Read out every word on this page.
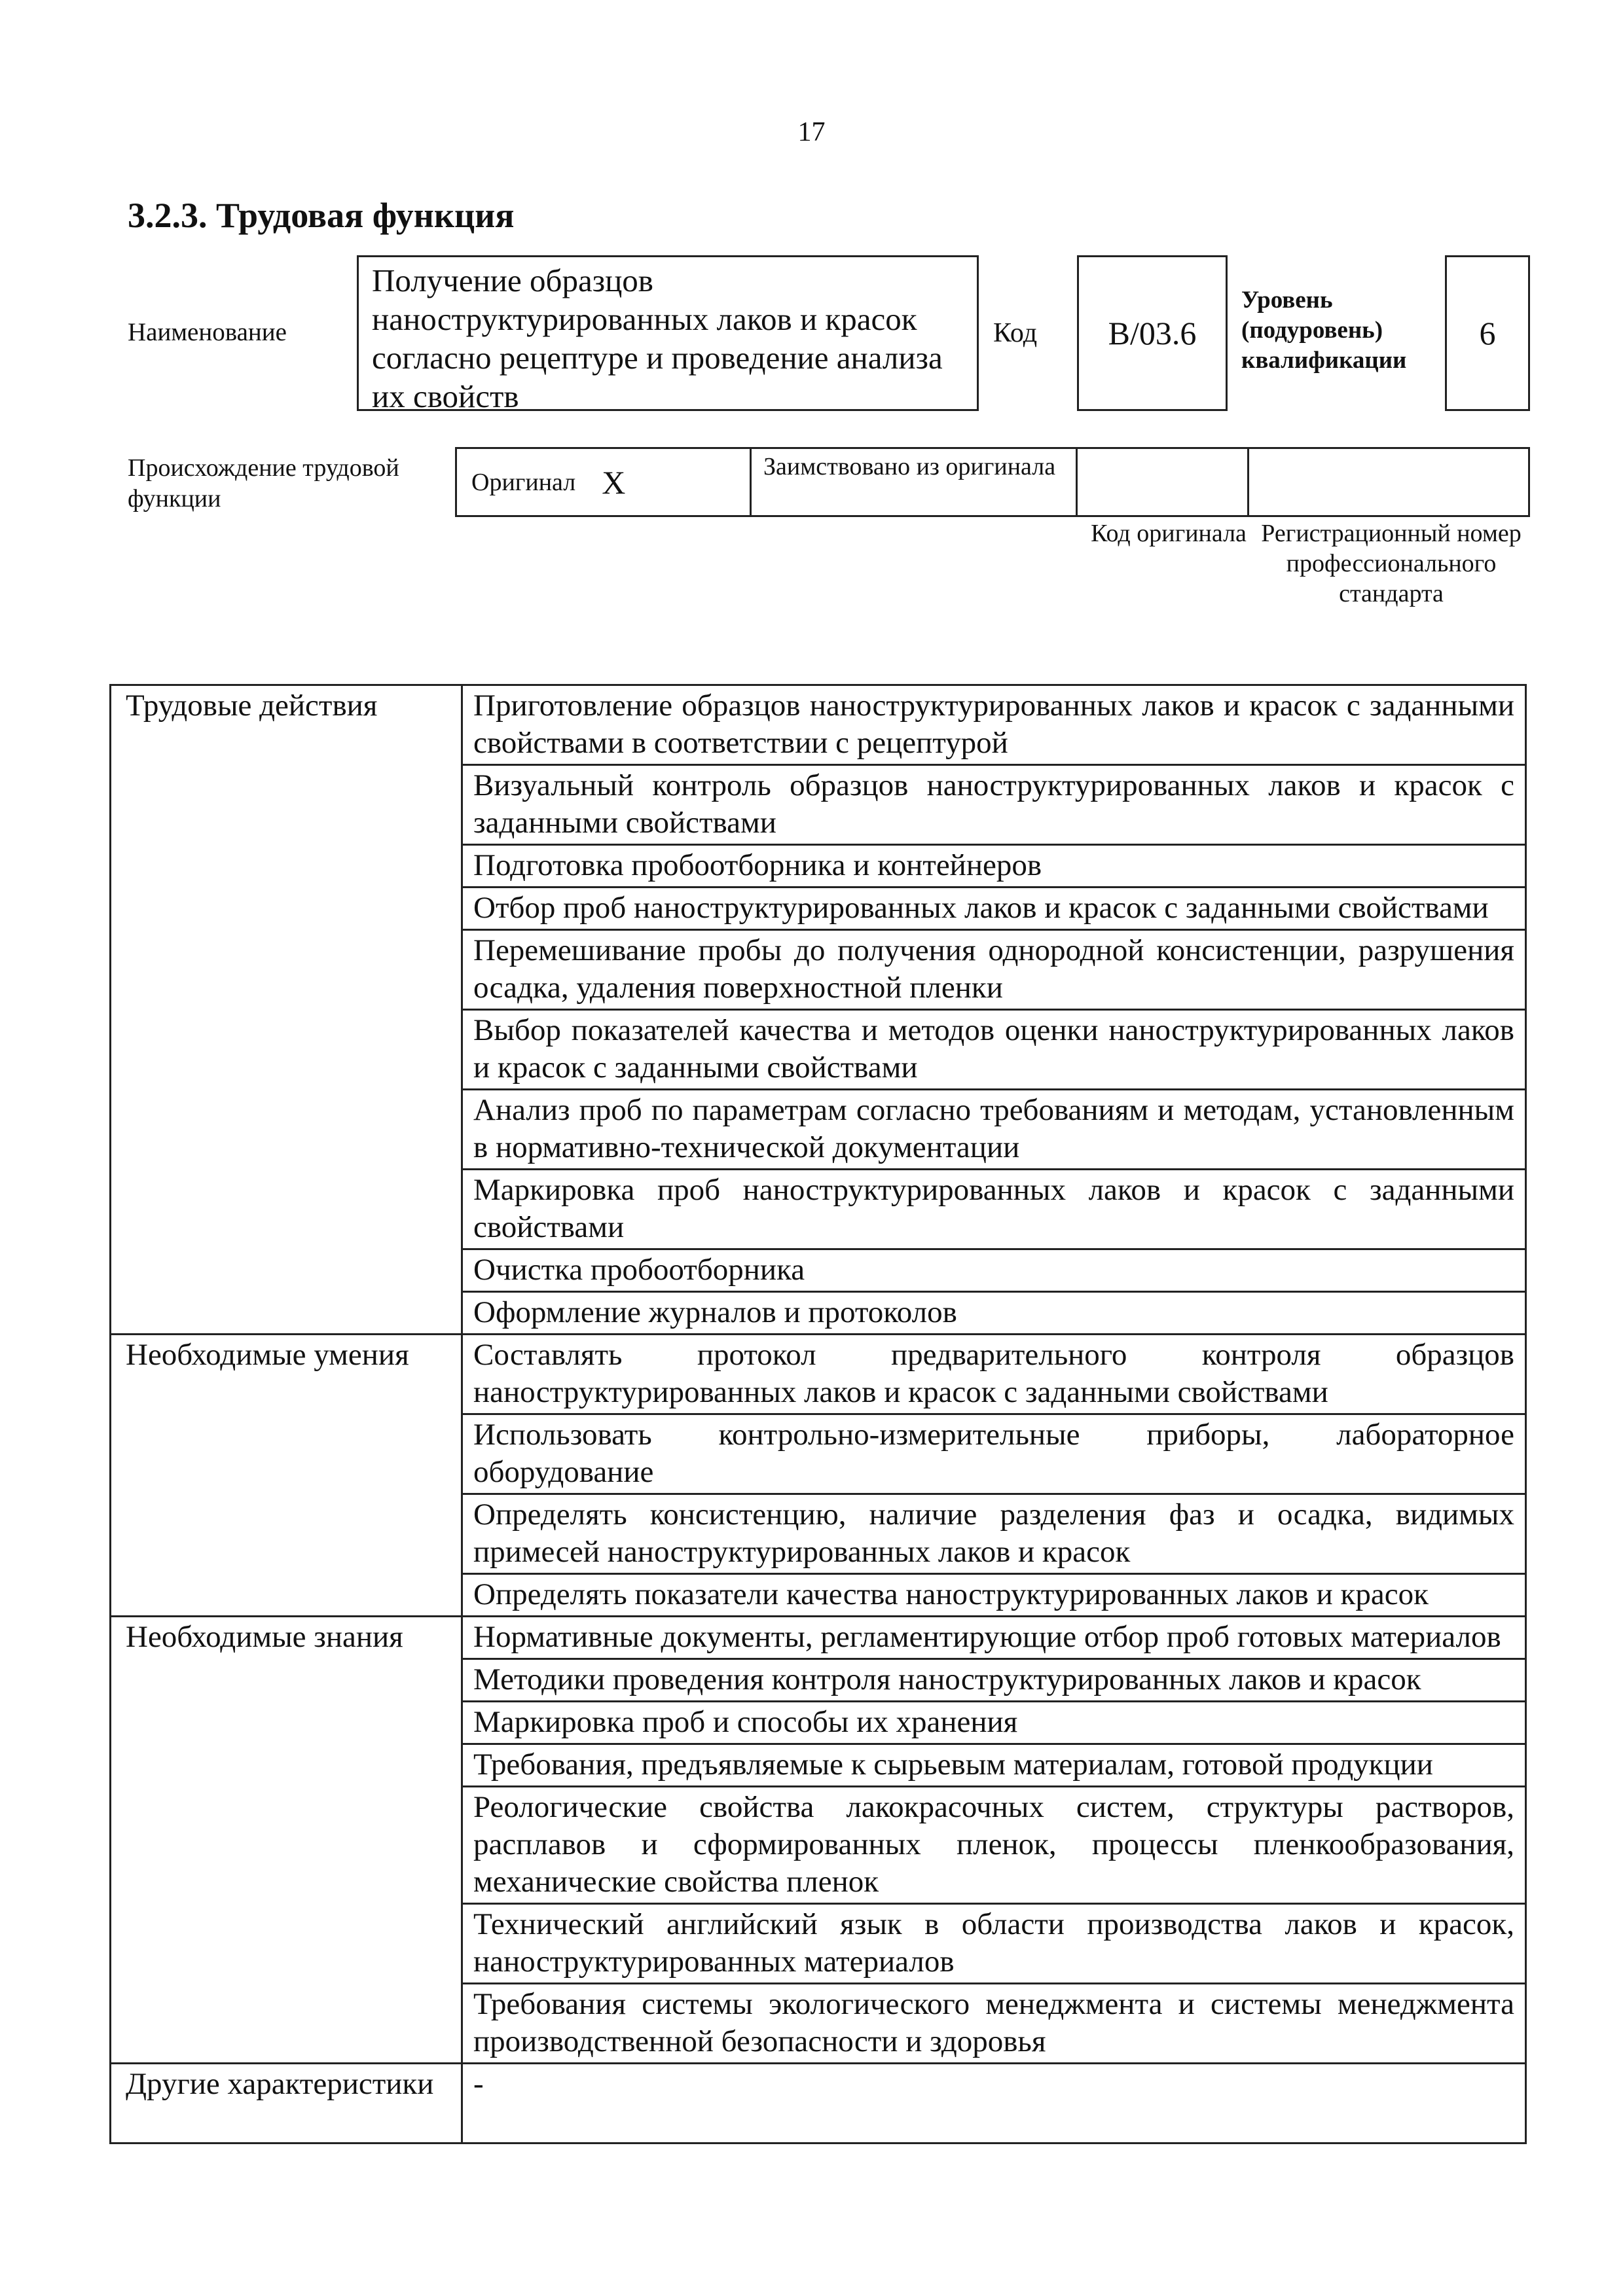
17
3.2.3. Трудовая функция
Наименование
Получение образцов наноструктурированных лаков и красок согласно рецептуре и проведение анализа их свойств
Код В/03.6
Уровень (подуровень) квалификации
6
Происхождение трудовой функции
Оригинал Х	Заимствовано из оригинала
Код оригинала Регистрационный номер профессионального стандарта
Трудовые действия	Приготовление образцов наноструктурированных лаков и красок с заданными свойствами в соответствии с рецептурой
	Визуальный контроль образцов наноструктурированных лаков и красок с заданными свойствами
	Подготовка пробоотборника и контейнеров
	Отбор проб наноструктурированных лаков и красок с заданными свойствами
	Перемешивание пробы до получения однородной консистенции, разрушения осадка, удаления поверхностной пленки
	Выбор показателей качества и методов оценки наноструктурированных лаков и красок с заданными свойствами
	Анализ проб по параметрам согласно требованиям и методам, установленным в нормативно-технической документации
	Маркировка проб наноструктурированных лаков и красок с заданными свойствами
	Очистка пробоотборника
	Оформление журналов и протоколов
Необходимые умения	Составлять протокол предварительного контроля образцов наноструктурированных лаков и красок с заданными свойствами
	Использовать контрольно-измерительные приборы, лабораторное оборудование
	Определять консистенцию, наличие разделения фаз и осадка, видимых примесей наноструктурированных лаков и красок
	Определять показатели качества наноструктурированных лаков и красок
Необходимые знания	Нормативные документы, регламентирующие отбор проб готовых материалов
	Методики проведения контроля наноструктурированных лаков и красок
	Маркировка проб и способы их хранения
	Требования, предъявляемые к сырьевым материалам, готовой продукции
	Реологические свойства лакокрасочных систем, структуры растворов, расплавов и сформированных пленок, процессы пленкообразования, механические свойства пленок
	Технический английский язык в области производства лаков и красок, наноструктурированных материалов
	Требования системы экологического менеджмента и системы менеджмента производственной безопасности и здоровья
Другие характеристики	-
